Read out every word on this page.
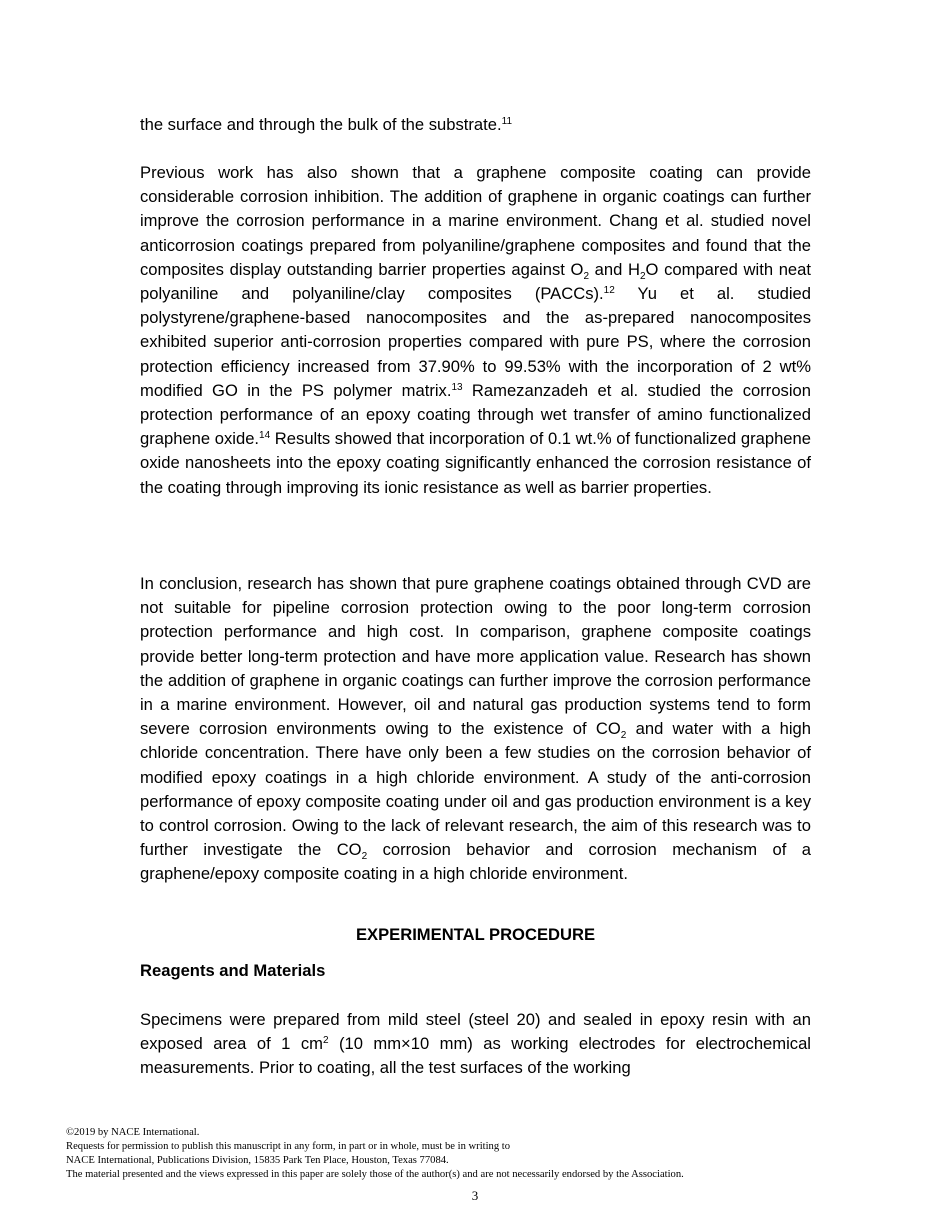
the surface and through the bulk of the substrate.$^{11}$

Previous work has also shown that a graphene composite coating can provide considerable corrosion inhibition. The addition of graphene in organic coatings can further improve the corrosion performance in a marine environment. Chang et al. studied novel anticorrosion coatings prepared from polyaniline/graphene composites and found that the composites display outstanding barrier properties against $O_2$ and $H_2O$ compared with neat polyaniline and polyaniline/clay composites (PACCs).$^{12}$ Yu et al. studied polystyrene/graphene-based nanocomposites and the as-prepared nanocomposites exhibited superior anti-corrosion properties compared with pure PS, where the corrosion protection efficiency increased from 37.90% to 99.53% with the incorporation of 2 wt% modified GO in the PS polymer matrix.$^{13}$ Ramezanzadeh et al. studied the corrosion protection performance of an epoxy coating through wet transfer of amino functionalized graphene oxide.$^{14}$ Results showed that incorporation of 0.1 wt.% of functionalized graphene oxide nanosheets into the epoxy coating significantly enhanced the corrosion resistance of the coating through improving its ionic resistance as well as barrier properties.

In conclusion, research has shown that pure graphene coatings obtained through CVD are not suitable for pipeline corrosion protection owing to the poor long-term corrosion protection performance and high cost. In comparison, graphene composite coatings provide better long-term protection and have more application value. Research has shown the addition of graphene in organic coatings can further improve the corrosion performance in a marine environment. However, oil and natural gas production systems tend to form severe corrosion environments owing to the existence of $CO_2$ and water with a high chloride concentration. There have only been a few studies on the corrosion behavior of modified epoxy coatings in a high chloride environment. A study of the anti-corrosion performance of epoxy composite coating under oil and gas production environment is a key to control corrosion. Owing to the lack of relevant research, the aim of this research was to further investigate the $CO_2$ corrosion behavior and corrosion mechanism of a graphene/epoxy composite coating in a high chloride environment.

EXPERIMENTAL PROCEDURE
Reagents and Materials

Specimens were prepared from mild steel (steel 20) and sealed in epoxy resin with an exposed area of 1 $cm^2$ (10 mm×10 mm) as working electrodes for electrochemical measurements. Prior to coating, all the test surfaces of the working

©2019 by NACE International.
Requests for permission to publish this manuscript in any form, in part or in whole, must be in writing to
NACE International, Publications Division, 15835 Park Ten Place, Houston, Texas 77084.
The material presented and the views expressed in this paper are solely those of the author(s) and are not necessarily endorsed by the Association.
3
